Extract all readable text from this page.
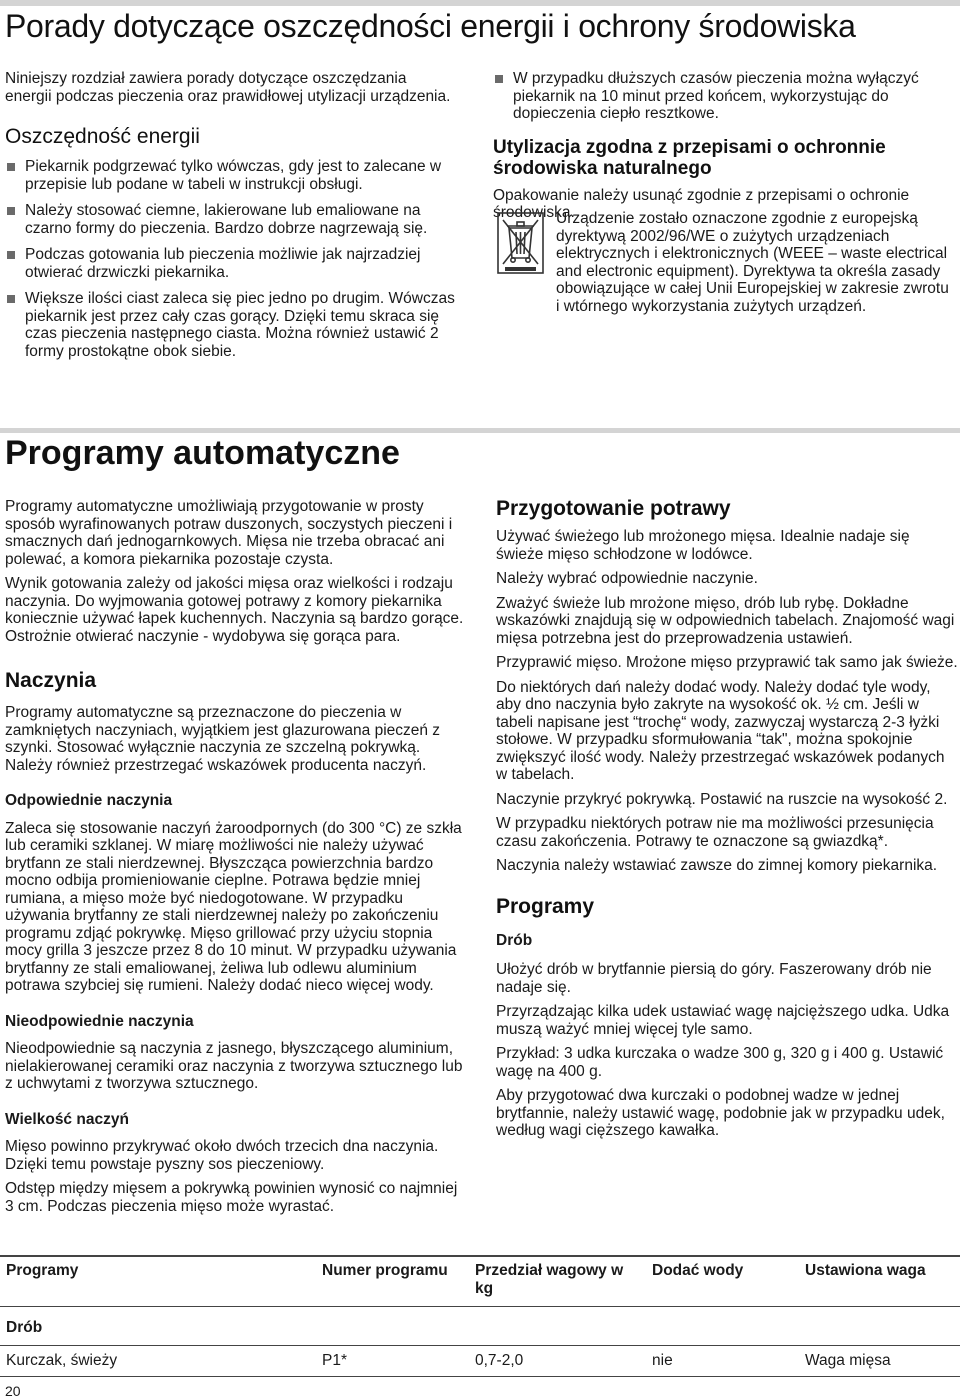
Porady dotyczące oszczędności energii i ochrony środowiska

Niniejszy rozdział zawiera porady dotyczące oszczędzania energii podczas pieczenia oraz prawidłowej utylizacji urządzenia.

Oszczędność energii
Piekarnik podgrzewać tylko wówczas, gdy jest to zalecane w przepisie lub podane w tabeli w instrukcji obsługi.
Należy stosować ciemne, lakierowane lub emaliowane na czarno formy do pieczenia. Bardzo dobrze nagrzewają się.
Podczas gotowania lub pieczenia możliwie jak najrzadziej otwierać drzwiczki piekarnika.
Większe ilości ciast zaleca się piec jedno po drugim. Wówczas piekarnik jest przez cały czas gorący. Dzięki temu skraca się czas pieczenia następnego ciasta. Można również ustawić 2 formy prostokątne obok siebie.
W przypadku dłuższych czasów pieczenia można wyłączyć piekarnik na 10 minut przed końcem, wykorzystując do dopieczenia ciepło resztkowe.
Utylizacja zgodna z przepisami o ochronnie środowiska naturalnego

Opakowanie należy usunąć zgodnie z przepisami o ochronie środowiska.

Urządzenie zostało oznaczone zgodnie z europejską dyrektywą 2002/96/WE o zużytych urządzeniach elektrycznych i elektronicznych (WEEE – waste electrical and electronic equipment). Dyrektywa ta określa zasady obowiązujące w całej Unii Europejskiej w zakresie zwrotu i wtórnego wykorzystania zużytych urządzeń.
Programy automatyczne

Programy automatyczne umożliwiają przygotowanie w prosty sposób wyrafinowanych potraw duszonych, soczystych pieczeni i smacznych dań jednogarnkowych. Mięsa nie trzeba obracać ani polewać, a komora piekarnika pozostaje czysta.

Wynik gotowania zależy od jakości mięsa oraz wielkości i rodzaju naczynia. Do wyjmowania gotowej potrawy z komory piekarnika koniecznie używać łapek kuchennych. Naczynia są bardzo gorące. Ostrożnie otwierać naczynie - wydobywa się gorąca para.

Naczynia

Programy automatyczne są przeznaczone do pieczenia w zamkniętych naczyniach, wyjątkiem jest glazurowana pieczeń z szynki. Stosować wyłącznie naczynia ze szczelną pokrywką. Należy również przestrzegać wskazówek producenta naczyń.

Odpowiednie naczynia

Zaleca się stosowanie naczyń żaroodpornych (do 300 °C) ze szkła lub ceramiki szklanej. W miarę możliwości nie należy używać brytfann ze stali nierdzewnej. Błyszcząca powierzchnia bardzo mocno odbija promieniowanie cieplne. Potrawa będzie mniej rumiana, a mięso może być niedogotowane. W przypadku używania brytfanny ze stali nierdzewnej należy po zakończeniu programu zdjąć pokrywkę. Mięso grillować przy użyciu stopnia mocy grilla 3 jeszcze przez 8 do 10 minut. W przypadku używania brytfanny ze stali emaliowanej, żeliwa lub odlewu aluminium potrawa szybciej się rumieni. Należy dodać nieco więcej wody.

Nieodpowiednie naczynia

Nieodpowiednie są naczynia z jasnego, błyszczącego aluminium, nielakierowanej ceramiki oraz naczynia z tworzywa sztucznego lub z uchwytami z tworzywa sztucznego.

Wielkość naczyń

Mięso powinno przykrywać około dwóch trzecich dna naczynia. Dzięki temu powstaje pyszny sos pieczeniowy.

Odstęp między mięsem a pokrywką powinien wynosić co najmniej 3 cm. Podczas pieczenia mięso może wyrastać.

Przygotowanie potrawy

Używać świeżego lub mrożonego mięsa. Idealnie nadaje się świeże mięso schłodzone w lodówce.

Należy wybrać odpowiednie naczynie.

Zważyć świeże lub mrożone mięso, drób lub rybę. Dokładne wskazówki znajdują się w odpowiednich tabelach. Znajomość wagi mięsa potrzebna jest do przeprowadzenia ustawień.

Przyprawić mięso. Mrożone mięso przyprawić tak samo jak świeże.

Do niektórych dań należy dodać wody. Należy dodać tyle wody, aby dno naczynia było zakryte na wysokość ok. ½ cm. Jeśli w tabeli napisane jest “trochę“ wody, zazwyczaj wystarczą 2-3 łyżki stołowe. W przypadku sformułowania “tak", można spokojnie zwiększyć ilość wody. Należy przestrzegać wskazówek podanych w tabelach.

Naczynie przykryć pokrywką. Postawić na ruszcie na wysokość 2.

W przypadku niektórych potraw nie ma możliwości przesunięcia czasu zakończenia. Potrawy te oznaczone są gwiazdką*.

Naczynia należy wstawiać zawsze do zimnej komory piekarnika.

Programy
Drób

Ułożyć drób w brytfannie piersią do góry. Faszerowany drób nie nadaje się.

Przyrządzając kilka udek ustawiać wagę najcięższego udka. Udka muszą ważyć mniej więcej tyle samo.

Przykład: 3 udka kurczaka o wadze 300 g, 320 g i 400 g. Ustawić wagę na 400 g.

Aby przygotować dwa kurczaki o podobnej wadze w jednej brytfannie, należy ustawić wagę, podobnie jak w przypadku udek, według wagi cięższego kawałka.

Programy	Numer programu	Przedział wagowy w kg	Dodać wody	Ustawiona waga
Drób				
Kurczak, świeży	P1*	0,7-2,0	nie	Waga mięsa
20
